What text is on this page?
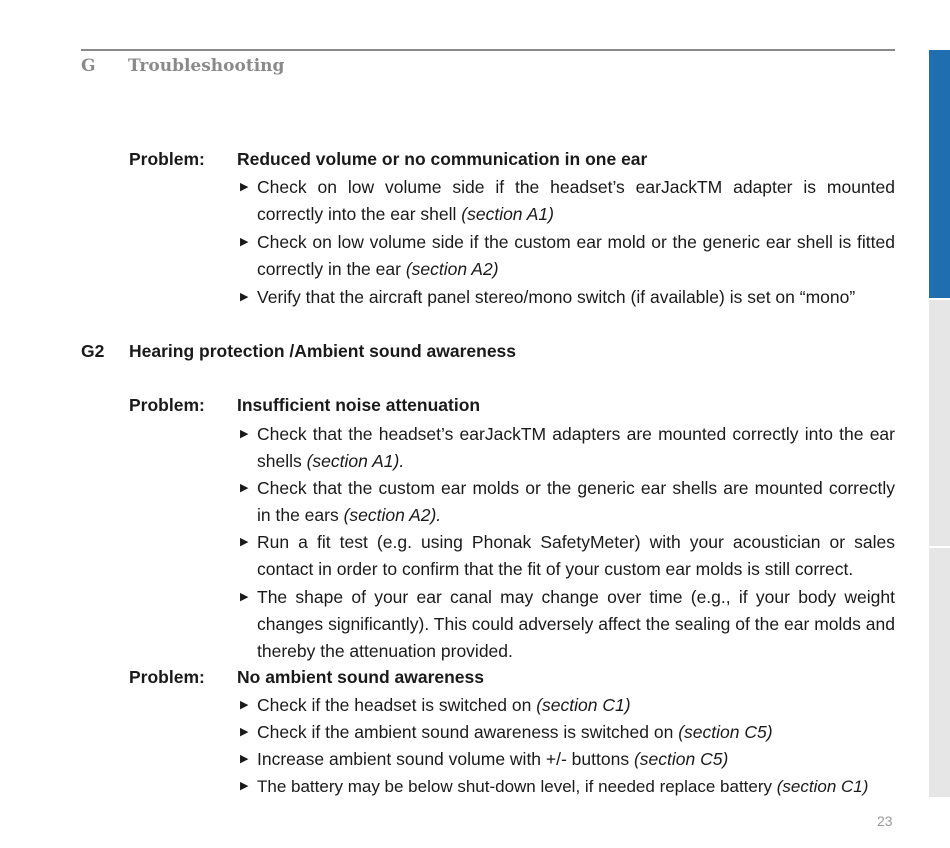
G Troubleshooting
Problem: Reduced volume or no communication in one ear
▶ Check on low volume side if the headset’s earJackTM adapter is mounted correctly into the ear shell (section A1)
▶ Check on low volume side if the custom ear mold or the generic ear shell is fitted correctly in the ear (section A2)
▶ Verify that the aircraft panel stereo/mono switch (if available) is set on “mono”
G2 Hearing protection /Ambient sound awareness
Problem: Insufficient noise attenuation
▶ Check that the headset’s earJackTM adapters are mounted correctly into the ear shells (section A1).
▶ Check that the custom ear molds or the generic ear shells are mounted correctly in the ears (section A2).
▶ Run a fit test (e.g. using Phonak SafetyMeter) with your acoustician or sales contact in order to confirm that the fit of your custom ear molds is still correct.
▶ The shape of your ear canal may change over time (e.g., if your body weight changes significantly). This could adversely affect the sealing of the ear molds and thereby the attenuation provided.
Problem: No ambient sound awareness
▶ Check if the headset is switched on (section C1)
▶ Check if the ambient sound awareness is switched on (section C5)
▶ Increase ambient sound volume with +/- buttons (section C5)
▶ The battery may be below shut-down level, if needed replace battery (section C1)
23
